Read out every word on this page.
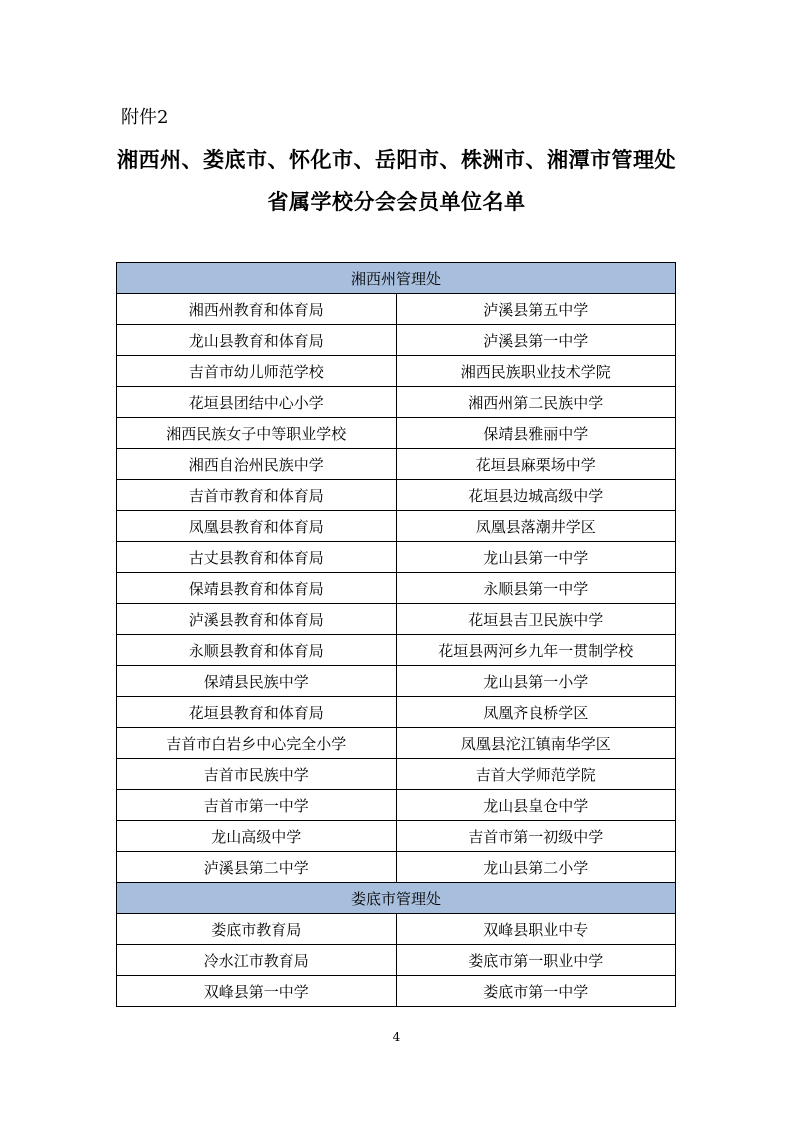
附件2
湘西州、娄底市、怀化市、岳阳市、株洲市、湘潭市管理处
省属学校分会会员单位名单
湘西州管理处	
湘西州教育和体育局	泸溪县第五中学
龙山县教育和体育局	泸溪县第一中学
吉首市幼儿师范学校	湘西民族职业技术学院
花垣县团结中心小学	湘西州第二民族中学
湘西民族女子中等职业学校	保靖县雅丽中学
湘西自治州民族中学	花垣县麻栗场中学
吉首市教育和体育局	花垣县边城高级中学
凤凰县教育和体育局	凤凰县落潮井学区
古丈县教育和体育局	龙山县第一中学
保靖县教育和体育局	永顺县第一中学
泸溪县教育和体育局	花垣县吉卫民族中学
永顺县教育和体育局	花垣县两河乡九年一贯制学校
保靖县民族中学	龙山县第一小学
花垣县教育和体育局	凤凰齐良桥学区
吉首市白岩乡中心完全小学	凤凰县沱江镇南华学区
吉首市民族中学	吉首大学师范学院
吉首市第一中学	龙山县皇仓中学
龙山高级中学	吉首市第一初级中学
泸溪县第二中学	龙山县第二小学
娄底市管理处	
娄底市教育局	双峰县职业中专
冷水江市教育局	娄底市第一职业中学
双峰县第一中学	娄底市第一中学
4
